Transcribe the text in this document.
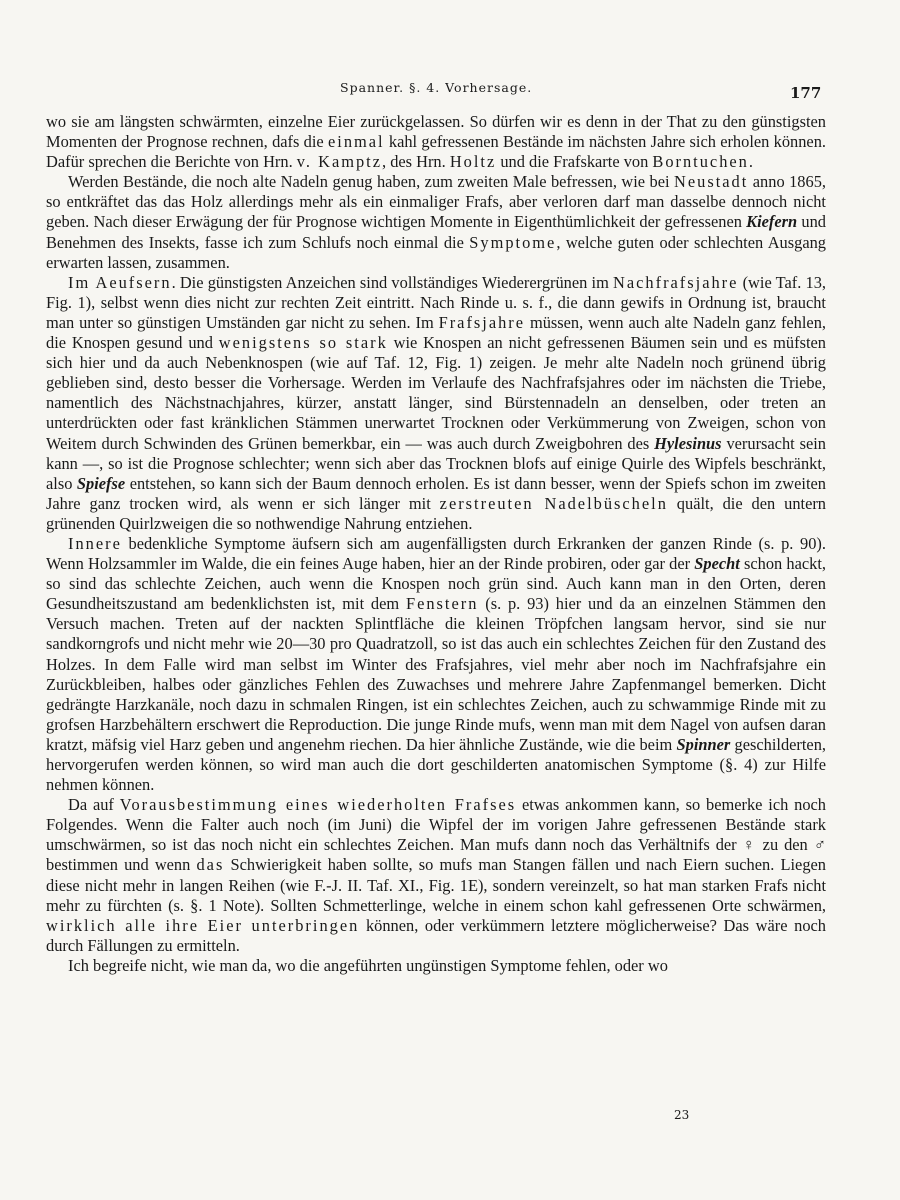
Spanner. §. 4. Vorhersage.	177

wo sie am längsten schwärmten, einzelne Eier zurückgelassen. So dürfen wir es denn in der That zu den günstigsten Momenten der Prognose rechnen, dafs die einmal kahl gefressenen Bestände im nächsten Jahre sich erholen können. Dafür sprechen die Berichte von Hrn. v. Kamptz, des Hrn. Holtz und die Frafskarte von Borntuchen.

Werden Bestände, die noch alte Nadeln genug haben, zum zweiten Male befressen, wie bei Neustadt anno 1865, so entkräftet das das Holz allerdings mehr als ein einmaliger Frafs, aber verloren darf man dasselbe dennoch nicht geben. Nach dieser Erwägung der für Prognose wichtigen Momente in Eigenthümlichkeit der gefressenen Kiefern und Benehmen des Insekts, fasse ich zum Schlufs noch einmal die Symptome, welche guten oder schlechten Ausgang erwarten lassen, zusammen.

Im Aeufsern. Die günstigsten Anzeichen sind vollständiges Wiederergrünen im Nachfrafsjahre (wie Taf. 13, Fig. 1), selbst wenn dies nicht zur rechten Zeit eintritt. Nach Rinde u. s. f., die dann gewifs in Ordnung ist, braucht man unter so günstigen Umständen gar nicht zu sehen. Im Frafsjahre müssen, wenn auch alte Nadeln ganz fehlen, die Knospen gesund und wenigstens so stark wie Knospen an nicht gefressenen Bäumen sein und es müfsten sich hier und da auch Nebenknospen (wie auf Taf. 12, Fig. 1) zeigen. Je mehr alte Nadeln noch grünend übrig geblieben sind, desto besser die Vorhersage. Werden im Verlaufe des Nachfrafsjahres oder im nächsten die Triebe, namentlich des Nächstnachjahres, kürzer, anstatt länger, sind Bürstennadeln an denselben, oder treten an unterdrückten oder fast kränklichen Stämmen unerwartet Trocknen oder Verkümmerung von Zweigen, schon von Weitem durch Schwinden des Grünen bemerkbar, ein — was auch durch Zweigbohren des Hylesinus verursacht sein kann —, so ist die Prognose schlechter; wenn sich aber das Trocknen blofs auf einige Quirle des Wipfels beschränkt, also Spiefse entstehen, so kann sich der Baum dennoch erholen. Es ist dann besser, wenn der Spiefs schon im zweiten Jahre ganz trocken wird, als wenn er sich länger mit zerstreuten Nadelbüscheln quält, die den untern grünenden Quirlzweigen die so nothwendige Nahrung entziehen.

Innere bedenkliche Symptome äufsern sich am augenfälligsten durch Erkranken der ganzen Rinde (s. p. 90). Wenn Holzsammler im Walde, die ein feines Auge haben, hier an der Rinde probiren, oder gar der Specht schon hackt, so sind das schlechte Zeichen, auch wenn die Knospen noch grün sind. Auch kann man in den Orten, deren Gesundheitszustand am bedenklichsten ist, mit dem Fenstern (s. p. 93) hier und da an einzelnen Stämmen den Versuch machen. Treten auf der nackten Splintfläche die kleinen Tröpfchen langsam hervor, sind sie nur sandkorngrofs und nicht mehr wie 20—30 pro Quadratzoll, so ist das auch ein schlechtes Zeichen für den Zustand des Holzes. In dem Falle wird man selbst im Winter des Frafsjahres, viel mehr aber noch im Nachfrafsjahre ein Zurückbleiben, halbes oder gänzliches Fehlen des Zuwachses und mehrere Jahre Zapfenmangel bemerken. Dicht gedrängte Harzkanäle, noch dazu in schmalen Ringen, ist ein schlechtes Zeichen, auch zu schwammige Rinde mit zu grofsen Harzbehältern erschwert die Reproduction. Die junge Rinde mufs, wenn man mit dem Nagel von aufsen daran kratzt, mäfsig viel Harz geben und angenehm riechen. Da hier ähnliche Zustände, wie die beim Spinner geschilderten, hervorgerufen werden können, so wird man auch die dort geschilderten anatomischen Symptome (§. 4) zur Hilfe nehmen können.

Da auf Vorausbestimmung eines wiederholten Frafses etwas ankommen kann, so bemerke ich noch Folgendes. Wenn die Falter auch noch (im Juni) die Wipfel der im vorigen Jahre gefressenen Bestände stark umschwärmen, so ist das noch nicht ein schlechtes Zeichen. Man mufs dann noch das Verhältnifs der ♀ zu den ♂ bestimmen und wenn das Schwierigkeit haben sollte, so mufs man Stangen fällen und nach Eiern suchen. Liegen diese nicht mehr in langen Reihen (wie F.-J. II. Taf. XI., Fig. 1E), sondern vereinzelt, so hat man starken Frafs nicht mehr zu fürchten (s. §. 1 Note). Sollten Schmetterlinge, welche in einem schon kahl gefressenen Orte schwärmen, wirklich alle ihre Eier unterbringen können, oder verkümmern letztere möglicherweise? Das wäre noch durch Fällungen zu ermitteln.

Ich begreife nicht, wie man da, wo die angeführten ungünstigen Symptome fehlen, oder wo

23
